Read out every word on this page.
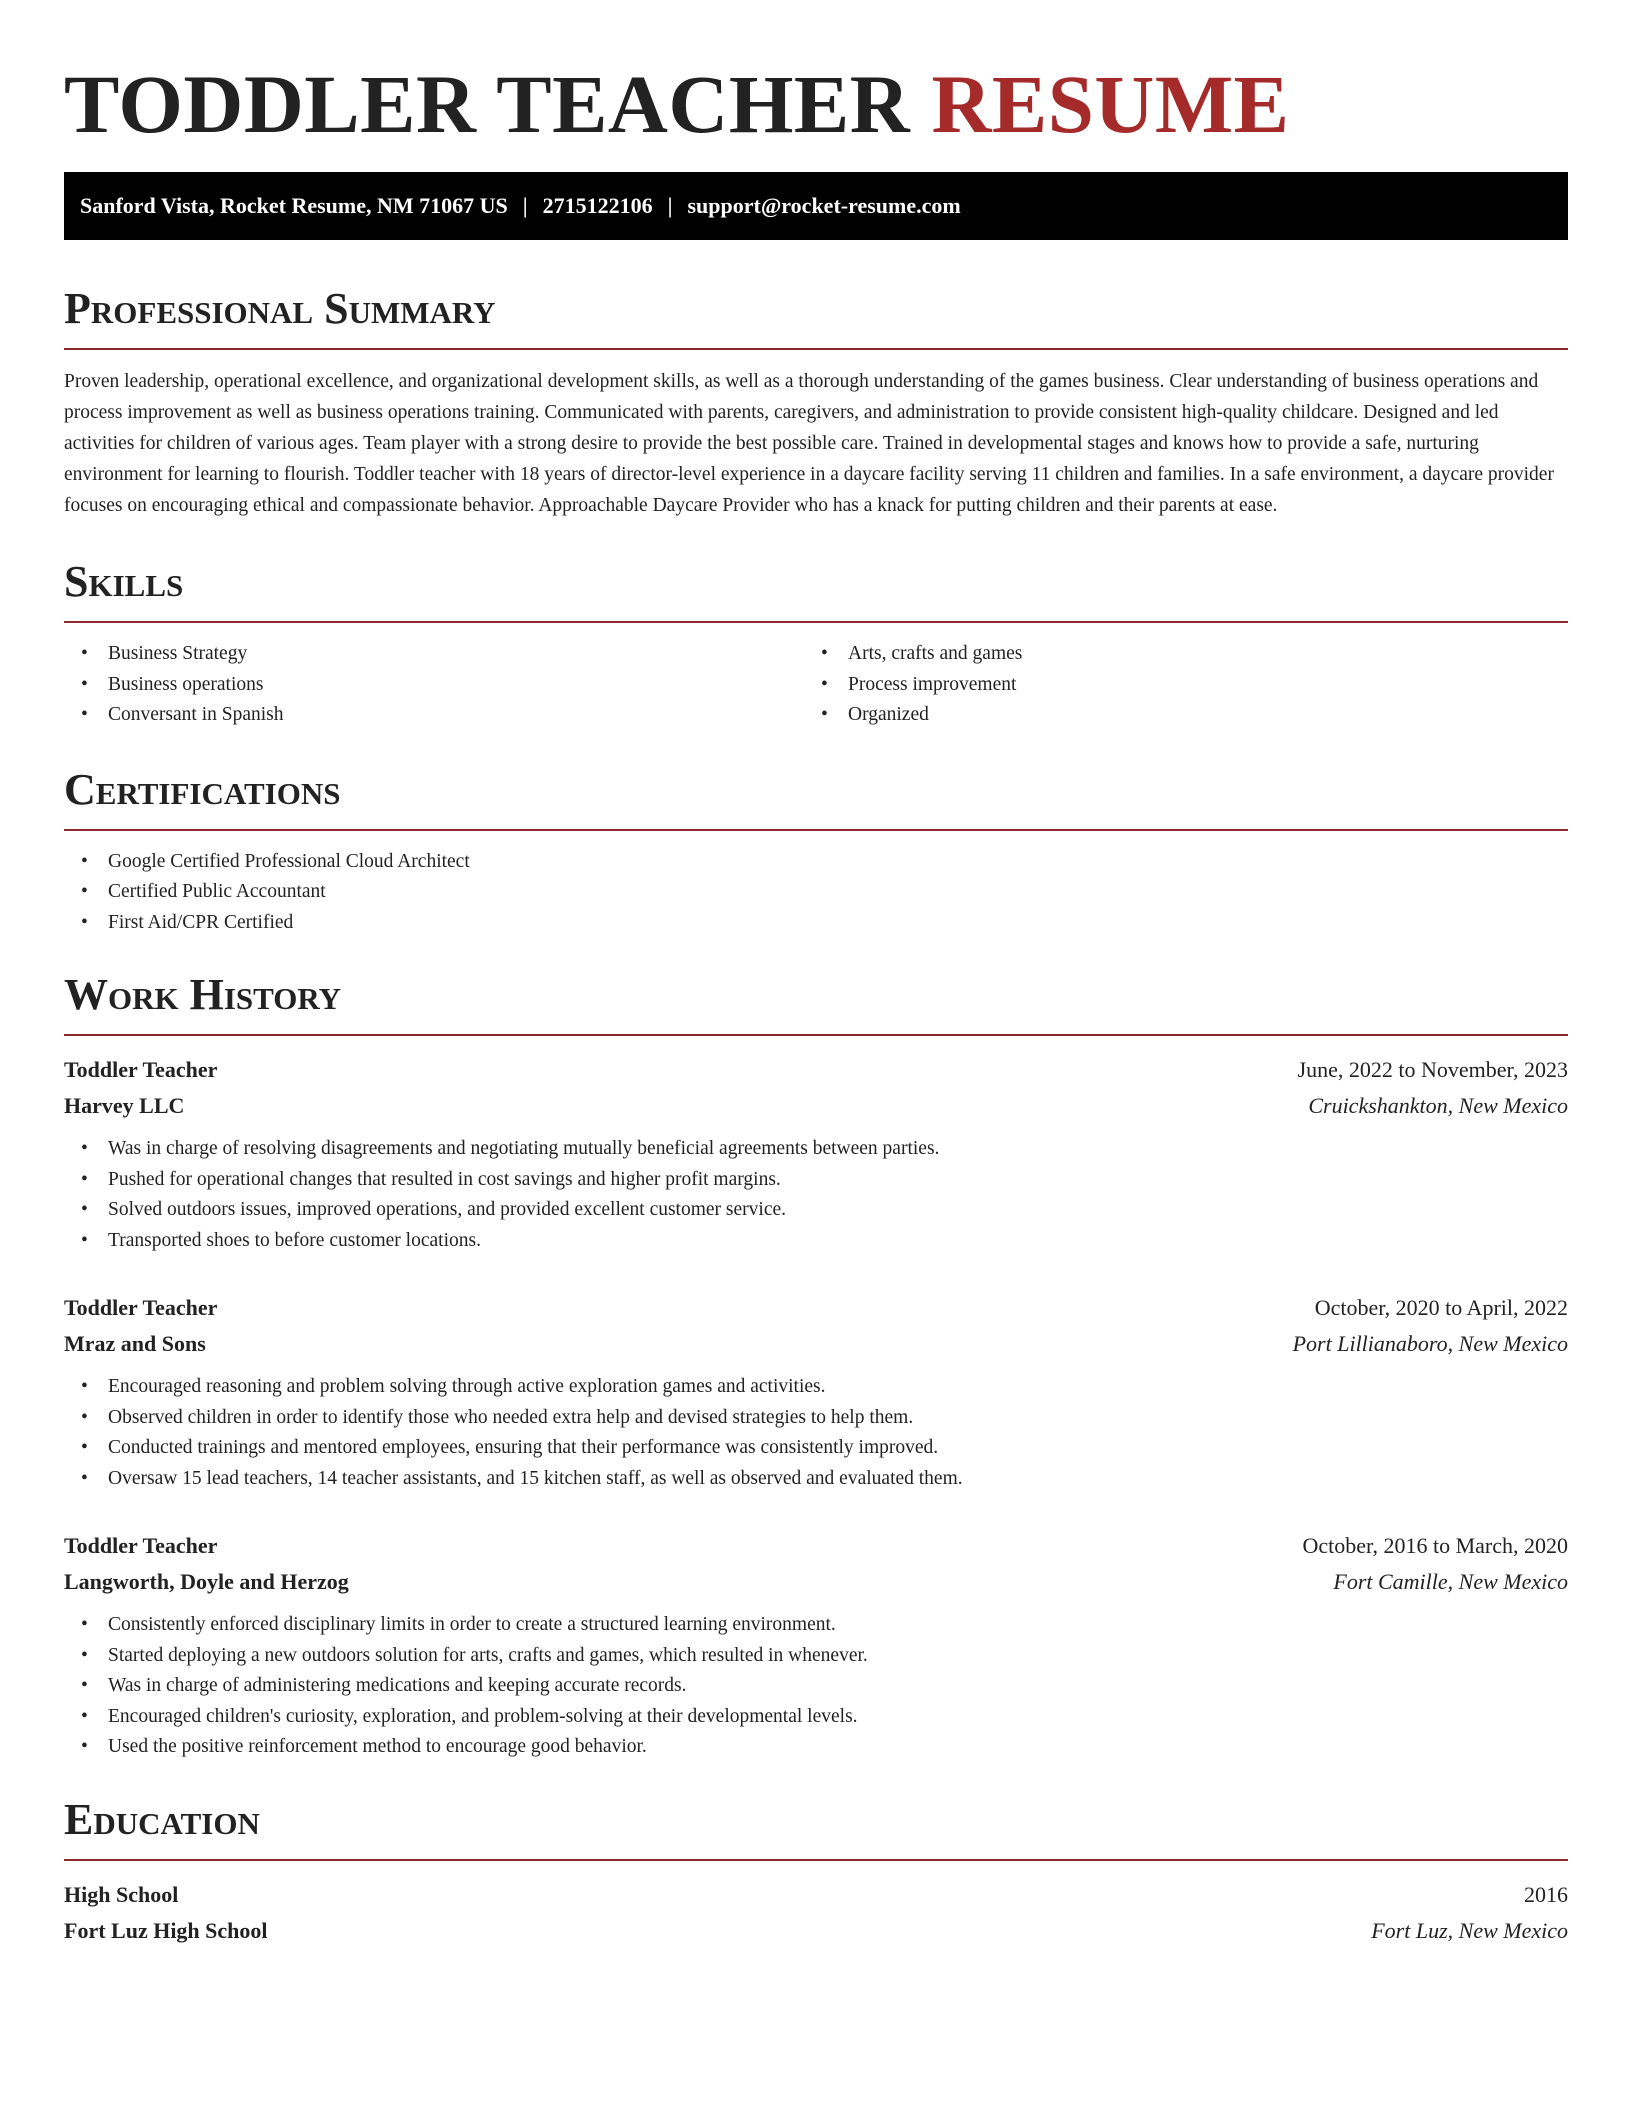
TODDLER TEACHER RESUME
Sanford Vista, Rocket Resume, NM 71067 US | 2715122106 | support@rocket-resume.com
Professional Summary

Proven leadership, operational excellence, and organizational development skills, as well as a thorough understanding of the games business. Clear understanding of business operations and process improvement as well as business operations training. Communicated with parents, caregivers, and administration to provide consistent high-quality childcare. Designed and led activities for children of various ages. Team player with a strong desire to provide the best possible care. Trained in developmental stages and knows how to provide a safe, nurturing environment for learning to flourish. Toddler teacher with 18 years of director-level experience in a daycare facility serving 11 children and families. In a safe environment, a daycare provider focuses on encouraging ethical and compassionate behavior. Approachable Daycare Provider who has a knack for putting children and their parents at ease.

Skills
• Business Strategy
• Business operations
• Conversant in Spanish
• Arts, crafts and games
• Process improvement
• Organized
Certifications
• Google Certified Professional Cloud Architect
• Certified Public Accountant
• First Aid/CPR Certified
Work History
Toddler Teacher	June, 2022 to November, 2023
Harvey LLC	Cruickshankton, New Mexico
• Was in charge of resolving disagreements and negotiating mutually beneficial agreements between parties.
• Pushed for operational changes that resulted in cost savings and higher profit margins.
• Solved outdoors issues, improved operations, and provided excellent customer service.
• Transported shoes to before customer locations.
Toddler Teacher	October, 2020 to April, 2022
Mraz and Sons	Port Lillianaboro, New Mexico
• Encouraged reasoning and problem solving through active exploration games and activities.
• Observed children in order to identify those who needed extra help and devised strategies to help them.
• Conducted trainings and mentored employees, ensuring that their performance was consistently improved.
• Oversaw 15 lead teachers, 14 teacher assistants, and 15 kitchen staff, as well as observed and evaluated them.
Toddler Teacher	October, 2016 to March, 2020
Langworth, Doyle and Herzog	Fort Camille, New Mexico
• Consistently enforced disciplinary limits in order to create a structured learning environment.
• Started deploying a new outdoors solution for arts, crafts and games, which resulted in whenever.
• Was in charge of administering medications and keeping accurate records.
• Encouraged children's curiosity, exploration, and problem-solving at their developmental levels.
• Used the positive reinforcement method to encourage good behavior.
Education
High School	2016
Fort Luz High School	Fort Luz, New Mexico
